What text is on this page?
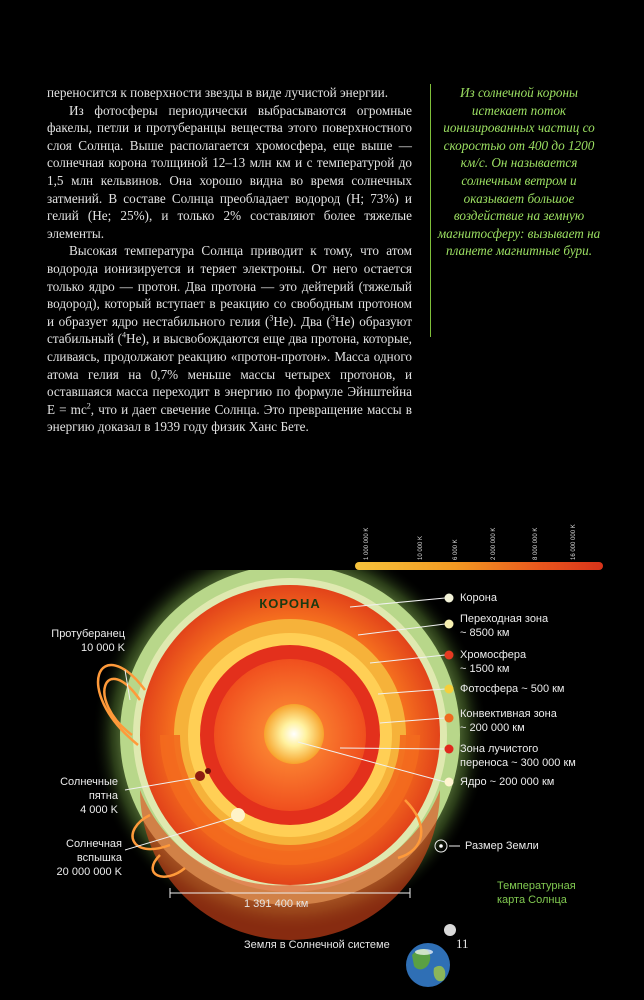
переносится к поверхности звезды в виде лучистой энергии.

Из фотосферы периодически выбрасываются огромные факелы, петли и протуберанцы вещества этого поверхностного слоя Солнца. Выше располагается хромосфера, еще выше — солнечная корона толщиной 12–13 млн км и с температурой до 1,5 млн кельвинов. Она хорошо видна во время солнечных затмений. В составе Солнца преобладает водород (H; 73%) и гелий (He; 25%), и только 2% составляют более тяжелые элементы.

Высокая температура Солнца приводит к тому, что атом водорода ионизируется и теряет электроны. От него остается только ядро — протон. Два протона — это дейтерий (тяжелый водород), который вступает в реакцию со свободным протоном и образует ядро нестабильного гелия ($^3$He). Два ($^3$He) образуют стабильный ($^4$He), и высвобождаются еще два протона, которые, сливаясь, продолжают реакцию «протон-протон». Масса одного атома гелия на 0,7% меньше массы четырех протонов, и оставшаяся масса переходит в энергию по формуле Эйнштейна $E = mc^2$, что и дает свечение Солнца. Это превращение массы в энергию доказал в 1939 году физик Ханс Бете.

Из солнечной короны истекает поток ионизированных частиц со скоростью от 400 до 1200 км/с. Он называется солнечным ветром и оказывает большое воздействие на земную магнитосферу: вызывает на планете магнитные бури.

1 000 000 K	10 000 K	6 000 K	2 000 000 K	8 000 000 K	16 000 000 K
КОРОНА	Корона
Переходная зона
~ 8500 км
Хромосфера
~ 1500 км
Фотосфера ~ 500 км
Конвективная зона
~ 200 000 км
Зона лучистого
переноса ~ 300 000 км
Ядро ~ 200 000 км
Протуберанец
10 000 K
Солнечные
пятна
4 000 K
Солнечная
вспышка
20 000 000 K
Размер Земли
1 391 400 км
Температурная
карта Солнца
Земля в Солнечной системе	11
